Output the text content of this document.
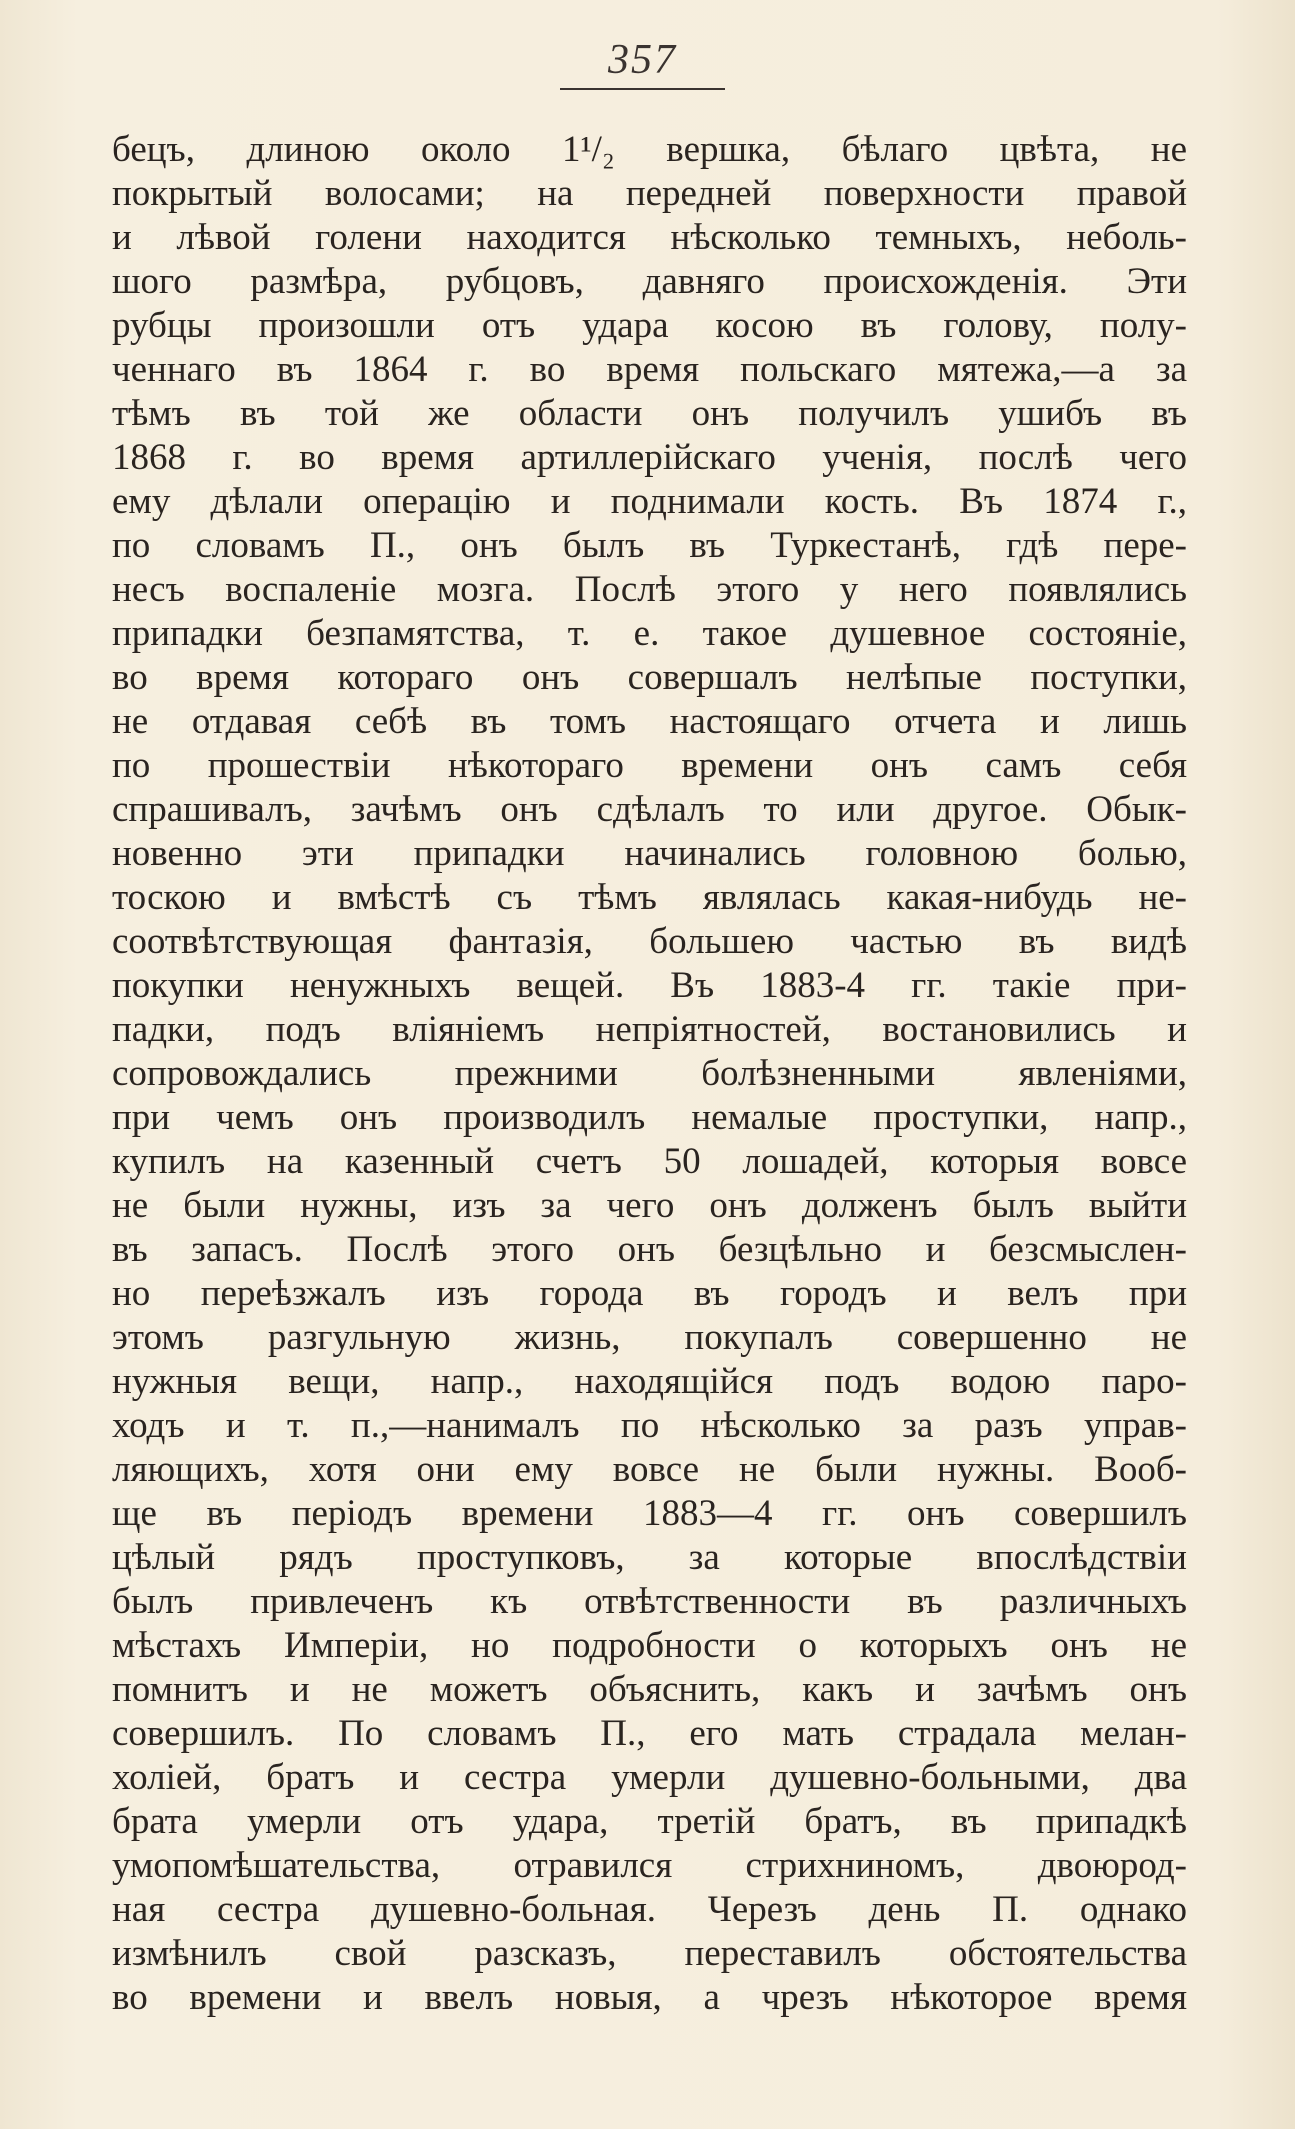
357
бецъ, длиною около 1¹/₂ вершка, бѣлаго цвѣта, не
покрытый волосами; на передней поверхности правой
и лѣвой голени находится нѣсколько темныхъ, неболь-
шого размѣра, рубцовъ, давняго происхожденія. Эти
рубцы произошли отъ удара косою въ голову, полу-
ченнаго въ 1864 г. во время польскаго мятежа,—а за
тѣмъ въ той же области онъ получилъ ушибъ въ
1868 г. во время артиллерійскаго ученія, послѣ чего
ему дѣлали операцію и поднимали кость. Въ 1874 г.,
по словамъ П., онъ былъ въ Туркестанѣ, гдѣ пере-
несъ воспаленіе мозга. Послѣ этого у него появлялись
припадки безпамятства, т. е. такое душевное состояніе,
во время котораго онъ совершалъ нелѣпые поступки,
не отдавая себѣ въ томъ настоящаго отчета и лишь
по прошествіи нѣкотораго времени онъ самъ себя
спрашивалъ, зачѣмъ онъ сдѣлалъ то или другое. Обык-
новенно эти припадки начинались головною болью,
тоскою и вмѣстѣ съ тѣмъ являлась какая-нибудь не-
соотвѣтствующая фантазія, большею частью въ видѣ
покупки ненужныхъ вещей. Въ 1883-4 гг. такіе при-
падки, подъ вліяніемъ непріятностей, востановились и
сопровождались прежними болѣзненными явленіями,
при чемъ онъ производилъ немалые проступки, напр.,
купилъ на казенный счетъ 50 лошадей, которыя вовсе
не были нужны, изъ за чего онъ долженъ былъ выйти
въ запасъ. Послѣ этого онъ безцѣльно и безсмыслен-
но переѣзжалъ изъ города въ городъ и велъ при
этомъ разгульную жизнь, покупалъ совершенно не
нужныя вещи, напр., находящійся подъ водою паро-
ходъ и т. п.,—нанималъ по нѣсколько за разъ управ-
ляющихъ, хотя они ему вовсе не были нужны. Вооб-
ще въ періодъ времени 1883—4 гг. онъ совершилъ
цѣлый рядъ проступковъ, за которые впослѣдствіи
былъ привлеченъ къ отвѣтственности въ различныхъ
мѣстахъ Имперіи, но подробности о которыхъ онъ не
помнитъ и не можетъ объяснить, какъ и зачѣмъ онъ
совершилъ. По словамъ П., его мать страдала мелан-
холіей, братъ и сестра умерли душевно-больными, два
брата умерли отъ удара, третій братъ, въ припадкѣ
умопомѣшательства, отравился стрихниномъ, двоюрод-
ная сестра душевно-больная. Черезъ день П. однако
измѣнилъ свой разсказъ, переставилъ обстоятельства
во времени и ввелъ новыя, а чрезъ нѣкоторое время
